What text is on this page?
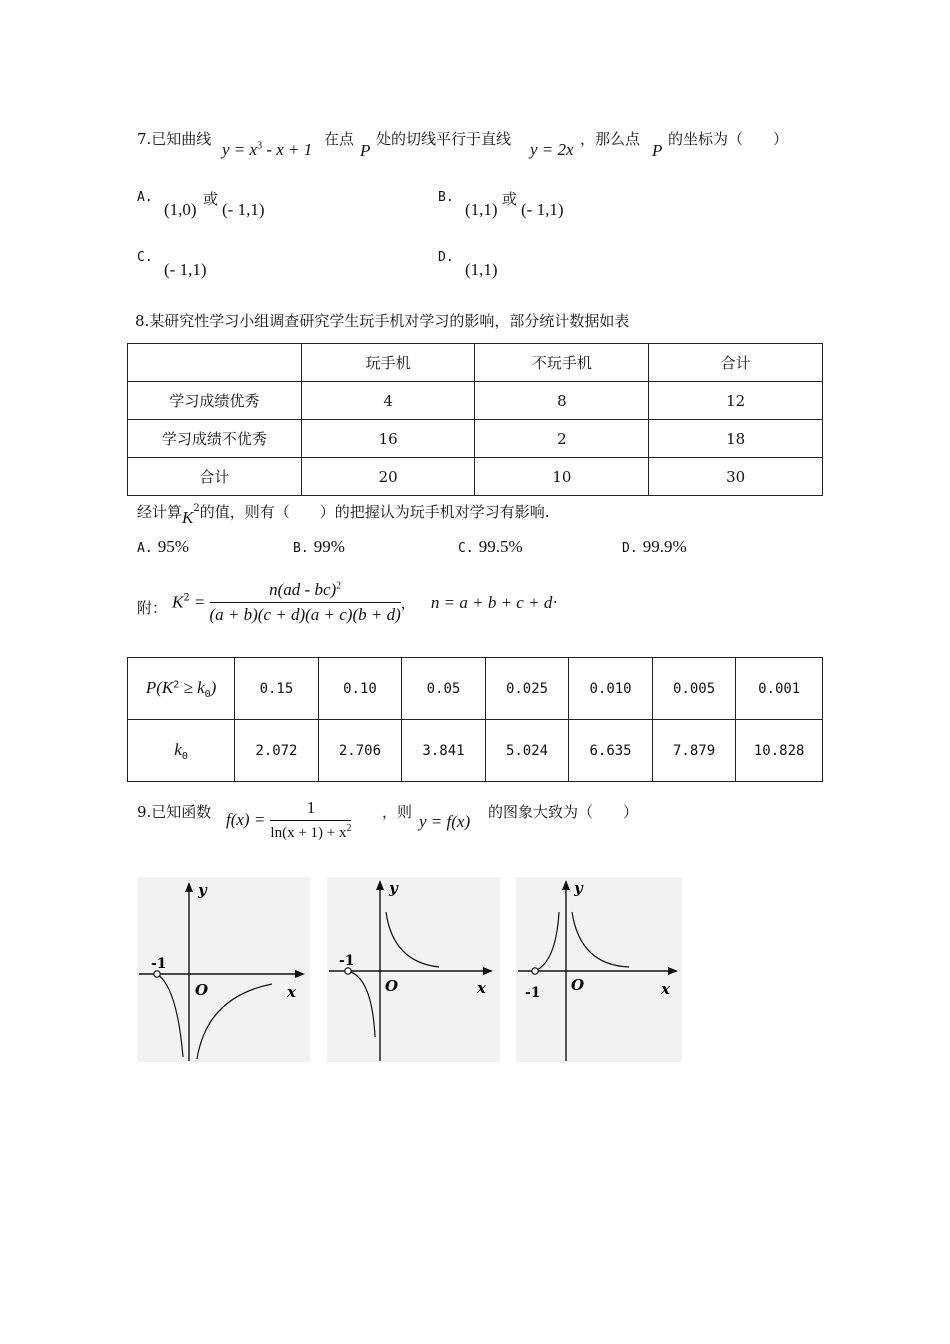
7.已知曲线
$y = x^3 - x + 1$
在点
P
处的切线平行于直线
y = 2x
，那么点
P
的坐标为（　　）
A.
(1,0)
或
(- 1,1)
B.
(1,1)
或
(- 1,1)
C.
(- 1,1)
D.
(1,1)
8.某研究性学习小组调查研究学生玩手机对学习的影响，部分统计数据如表
	玩手机	不玩手机	合计
学习成绩优秀	4	8	12
学习成绩不优秀	16	2	18
合计	20	10	30
经计算$K^2$的值，则有（　　）的把握认为玩手机对学习有影响.
A. 95%	B. 99%	C. 99.5%	D. 99.9%
附： $K^2 = \frac{n(ad - bc)^2}{(a + b)(c + d)(a + c)(b + d)}$ ， n = a + b + c + d·
$P(K^2 \ge k_0)$	0.15	0.10	0.05	0.025	0.010	0.005	0.001
$k_0$	2.072	2.706	3.841	5.024	6.635	7.879	10.828
9.已知函数 $f(x) = \frac{1}{\ln(x + 1) + x^2}$ ，则 y = f(x) 的图象大致为（　　）
y
x
O
-1
y
x
O
-1
y
x
O
-1
